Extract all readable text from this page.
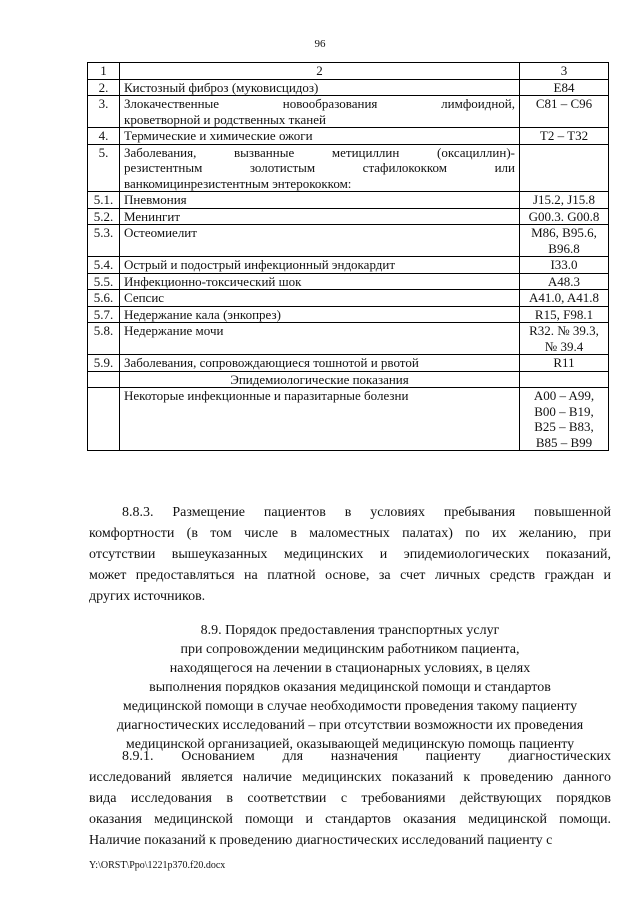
96
1	2	3
2.	Кистозный фиброз (муковисцидоз)	E84

3.	Злокачественные новообразования лимфоидной,
кроветворной и родственных тканей	C81 – C96

4.	Термические и химические ожоги	T2 – T32

5.	Заболевания, вызванные метициллин (оксациллин)-
резистентным золотистым стафилококком или
ванкомицинрезистентным энтерококком:	

5.1.	Пневмония	J15.2, J15.8

5.2.	Менингит	G00.3. G00.8

5.3.	Остеомиелит	M86, B95.6,
B96.8

5.4.	Острый и подострый инфекционный эндокардит	I33.0

5.5.	Инфекционно-токсический шок	A48.3

5.6.	Сепсис	A41.0, A41.8

5.7.	Недержание кала (энкопрез)	R15, F98.1

5.8.	Недержание мочи	R32. № 39.3,
№ 39.4

5.9.	Заболевания, сопровождающиеся тошнотой и рвотой	R11

	Эпидемиологические показания	

	Некоторые инфекционные и паразитарные болезни	A00 – A99,
B00 – B19,
B25 – B83,
B85 – B99
8.8.3. Размещение пациентов в условиях пребывания повышенной
комфортности (в том числе в маломестных палатах) по их желанию, при
отсутствии вышеуказанных медицинских и эпидемиологических показаний,
может предоставляться на платной основе, за счет личных средств граждан и
других источников.
8.9. Порядок предоставления транспортных услуг
при сопровождении медицинским работником пациента,
находящегося на лечении в стационарных условиях, в целях
выполнения порядков оказания медицинской помощи и стандартов
медицинской помощи в случае необходимости проведения такому пациенту
диагностических исследований – при отсутствии возможности их проведения
медицинской организацией, оказывающей медицинскую помощь пациенту
8.9.1. Основанием для назначения пациенту диагностических
исследований является наличие медицинских показаний к проведению данного
вида исследования в соответствии с требованиями действующих порядков
оказания медицинской помощи и стандартов оказания медицинской помощи.
Наличие показаний к проведению диагностических исследований пациенту с
Y:\ORST\Ppo\1221p370.f20.docx
